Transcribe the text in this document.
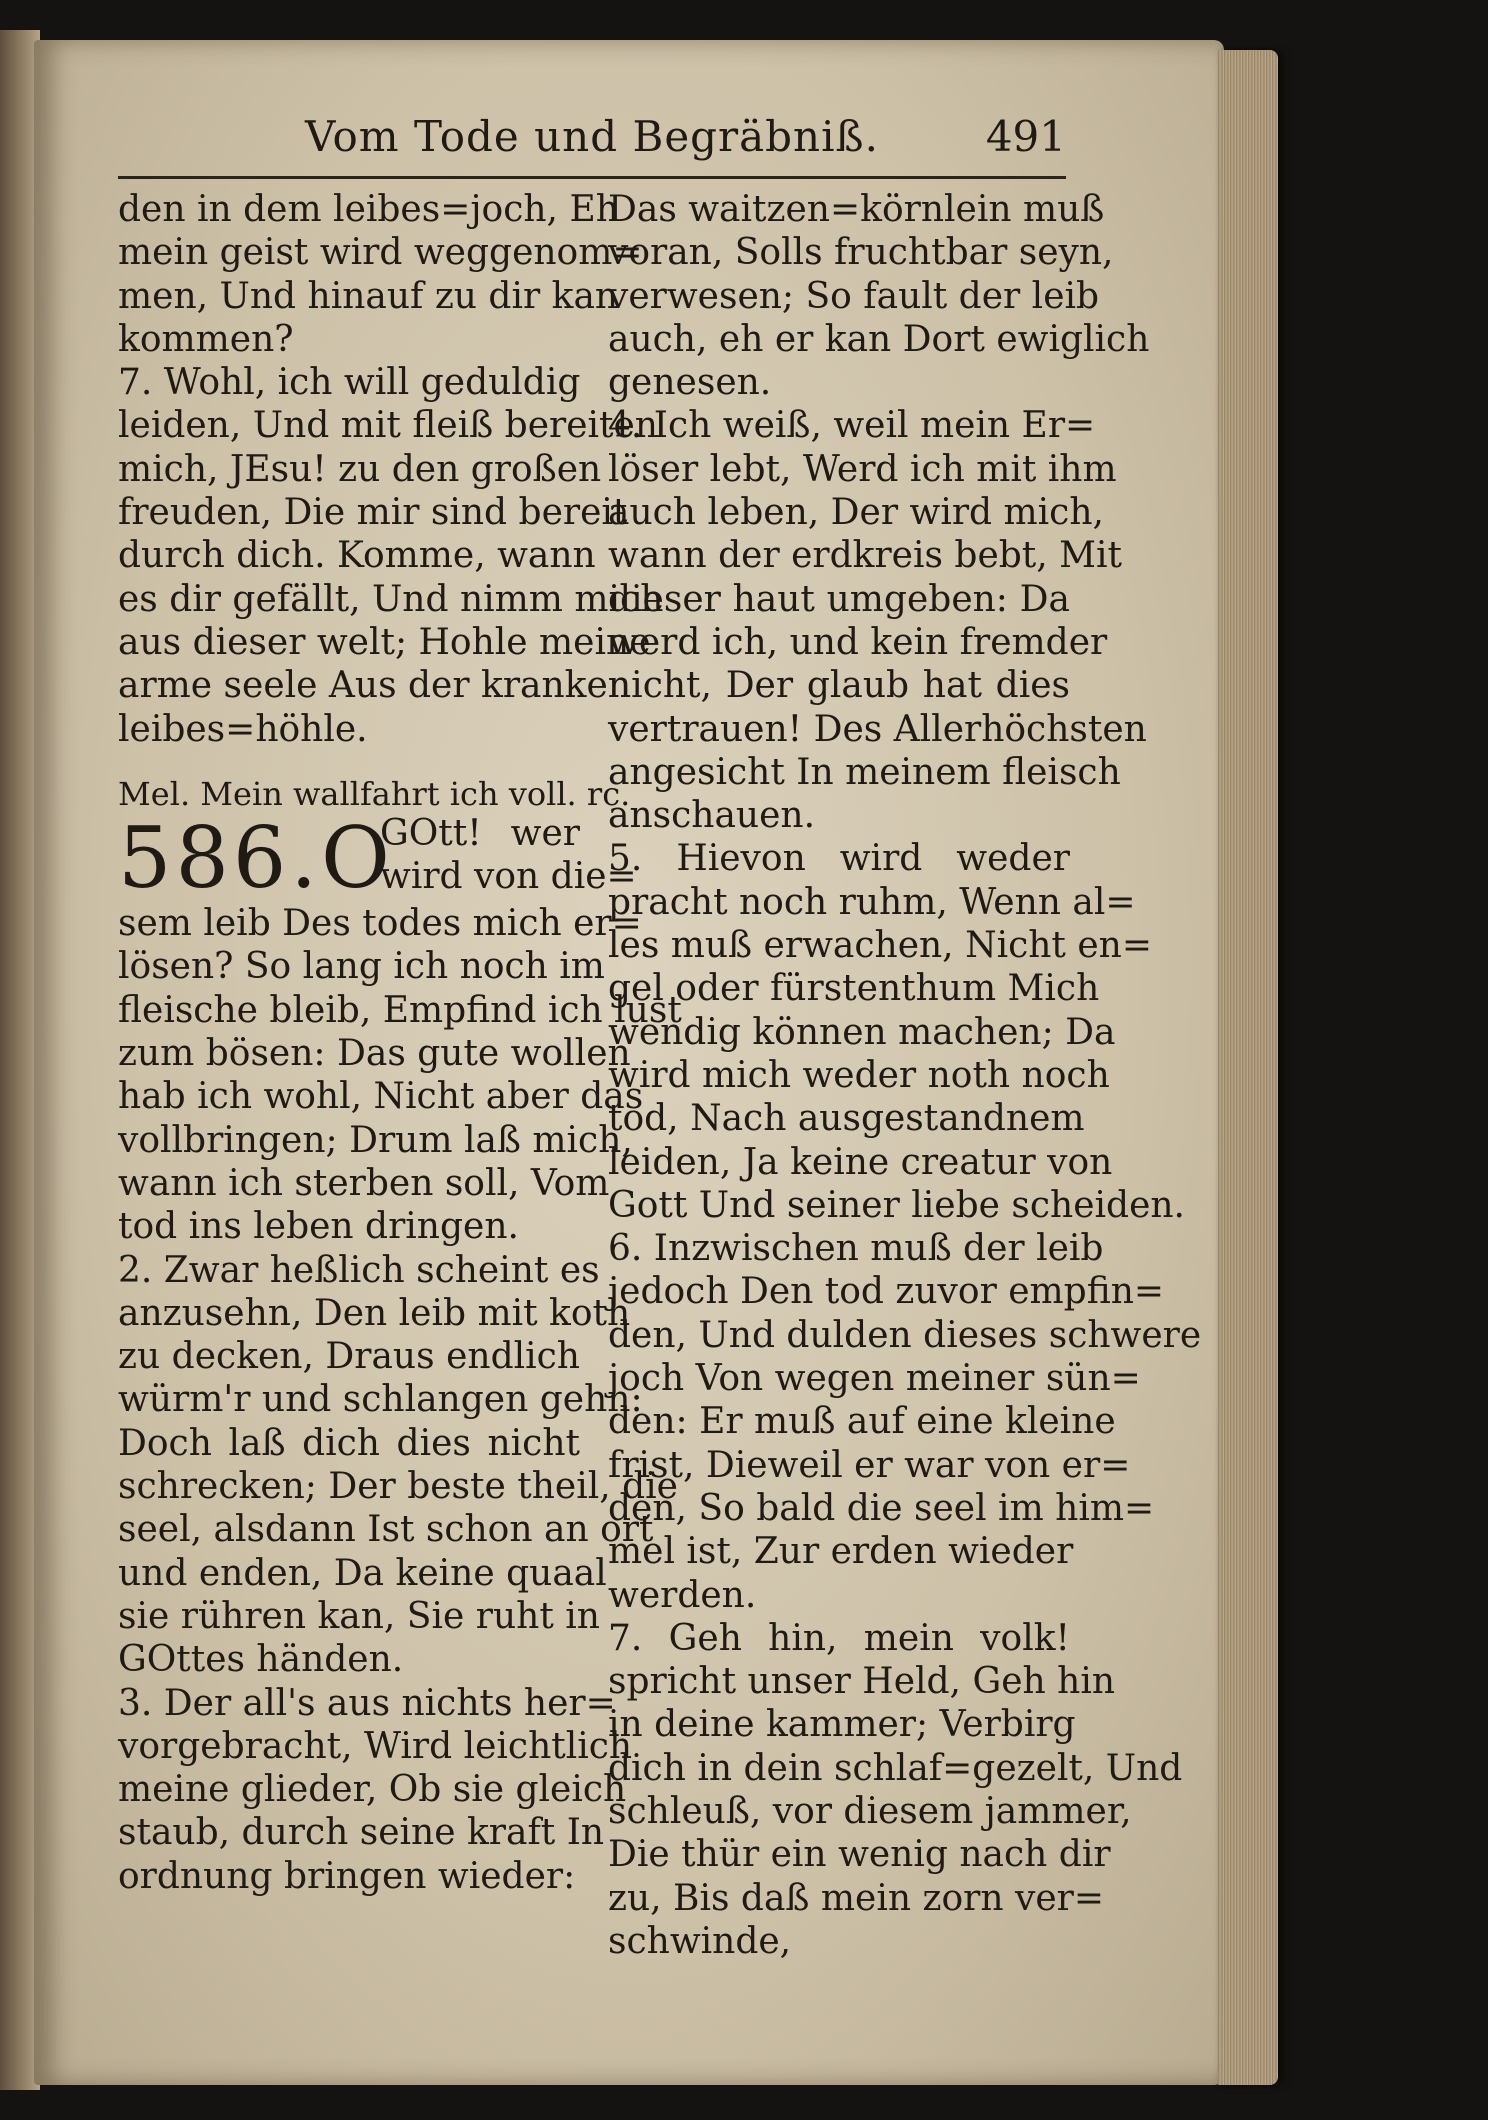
Vom Tode und Begräbniß.	491
den in dem leibes=joch, Eh
mein geist wird weggenom=
men, Und hinauf zu dir kan
kommen?
7. Wohl, ich will geduldig
leiden, Und mit fleiß bereiten
mich, JEsu! zu den großen
freuden, Die mir sind bereit
durch dich. Komme, wann
es dir gefällt, Und nimm mich
aus dieser welt; Hohle meine
arme seele Aus der kranken
leibes=höhle.
Mel. Mein wallfahrt ich voll. rc.
586.O
GOtt! wer
wird von die=
sem leib Des todes mich er=
lösen? So lang ich noch im
fleische bleib, Empfind ich lust
zum bösen: Das gute wollen
hab ich wohl, Nicht aber das
vollbringen; Drum laß mich,
wann ich sterben soll, Vom
tod ins leben dringen.
2. Zwar heßlich scheint es
anzusehn, Den leib mit koth
zu decken, Draus endlich
würm'r und schlangen gehn:
Doch laß dich dies nicht
schrecken; Der beste theil, die
seel, alsdann Ist schon an ort
und enden, Da keine quaal
sie rühren kan, Sie ruht in
GOttes händen.
3. Der all's aus nichts her=
vorgebracht, Wird leichtlich
meine glieder, Ob sie gleich
staub, durch seine kraft In
ordnung bringen wieder:
Das waitzen=körnlein muß
voran, Solls fruchtbar seyn,
verwesen; So fault der leib
auch, eh er kan Dort ewiglich
genesen.
4. Ich weiß, weil mein Er=
löser lebt, Werd ich mit ihm
auch leben, Der wird mich,
wann der erdkreis bebt, Mit
dieser haut umgeben: Da
werd ich, und kein fremder
nicht, Der glaub hat dies
vertrauen! Des Allerhöchsten
angesicht In meinem fleisch
anschauen.
5. Hievon wird weder
pracht noch ruhm, Wenn al=
les muß erwachen, Nicht en=
gel oder fürstenthum Mich
wendig können machen; Da
wird mich weder noth noch
tod, Nach ausgestandnem
leiden, Ja keine creatur von
Gott Und seiner liebe scheiden.
6. Inzwischen muß der leib
jedoch Den tod zuvor empfin=
den, Und dulden dieses schwere
joch Von wegen meiner sün=
den: Er muß auf eine kleine
frist, Dieweil er war von er=
den, So bald die seel im him=
mel ist, Zur erden wieder
werden.
7. Geh hin, mein volk!
spricht unser Held, Geh hin
in deine kammer; Verbirg
dich in dein schlaf=gezelt, Und
schleuß, vor diesem jammer,
Die thür ein wenig nach dir
zu, Bis daß mein zorn ver=
schwinde,
